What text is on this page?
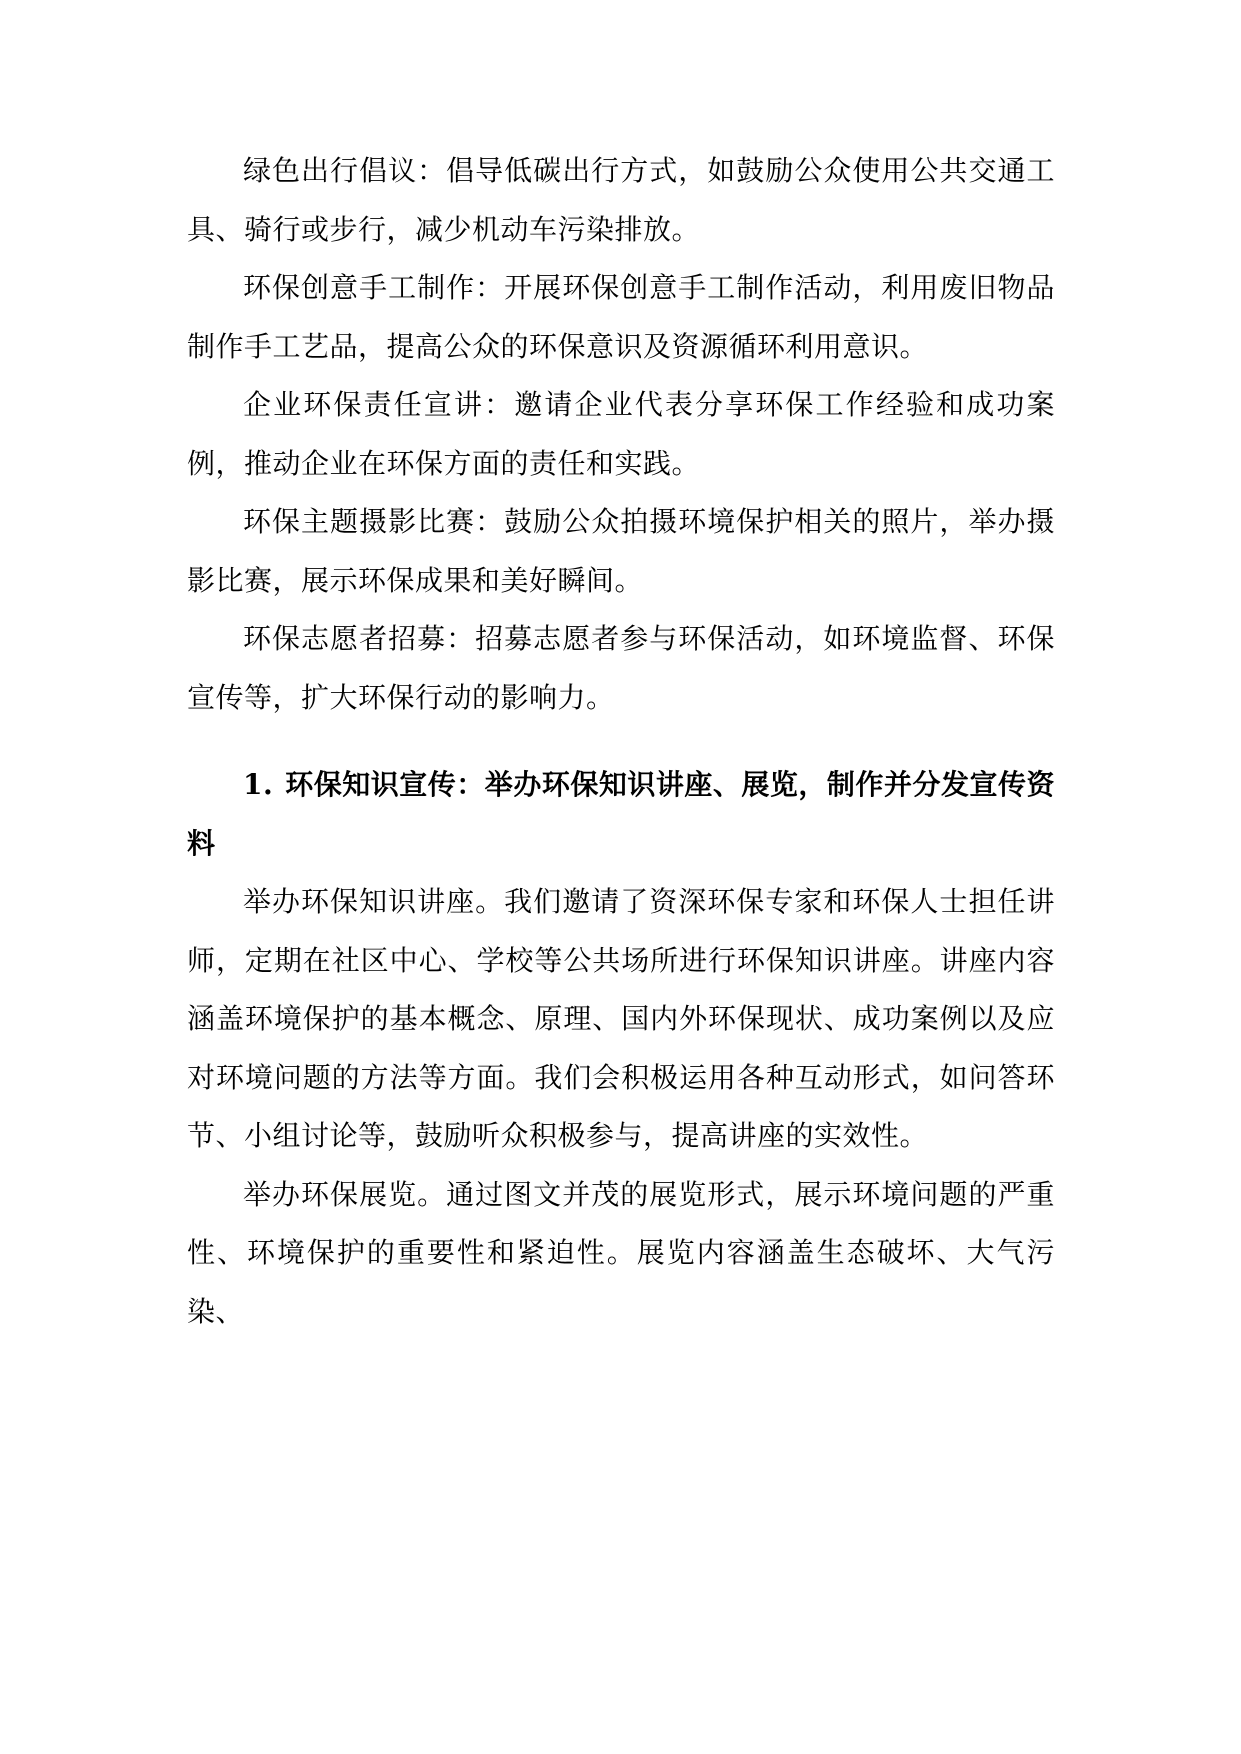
绿色出行倡议：倡导低碳出行方式，如鼓励公众使用公共交通工具、骑行或步行，减少机动车污染排放。

环保创意手工制作：开展环保创意手工制作活动，利用废旧物品制作手工艺品，提高公众的环保意识及资源循环利用意识。

企业环保责任宣讲：邀请企业代表分享环保工作经验和成功案例，推动企业在环保方面的责任和实践。

环保主题摄影比赛：鼓励公众拍摄环境保护相关的照片，举办摄影比赛，展示环保成果和美好瞬间。

环保志愿者招募：招募志愿者参与环保活动，如环境监督、环保宣传等，扩大环保行动的影响力。

1. 环保知识宣传：举办环保知识讲座、展览，制作并分发宣传资料

举办环保知识讲座。我们邀请了资深环保专家和环保人士担任讲师，定期在社区中心、学校等公共场所进行环保知识讲座。讲座内容涵盖环境保护的基本概念、原理、国内外环保现状、成功案例以及应对环境问题的方法等方面。我们会积极运用各种互动形式，如问答环节、小组讨论等，鼓励听众积极参与，提高讲座的实效性。

举办环保展览。通过图文并茂的展览形式，展示环境问题的严重性、环境保护的重要性和紧迫性。展览内容涵盖生态破坏、大气污染、
